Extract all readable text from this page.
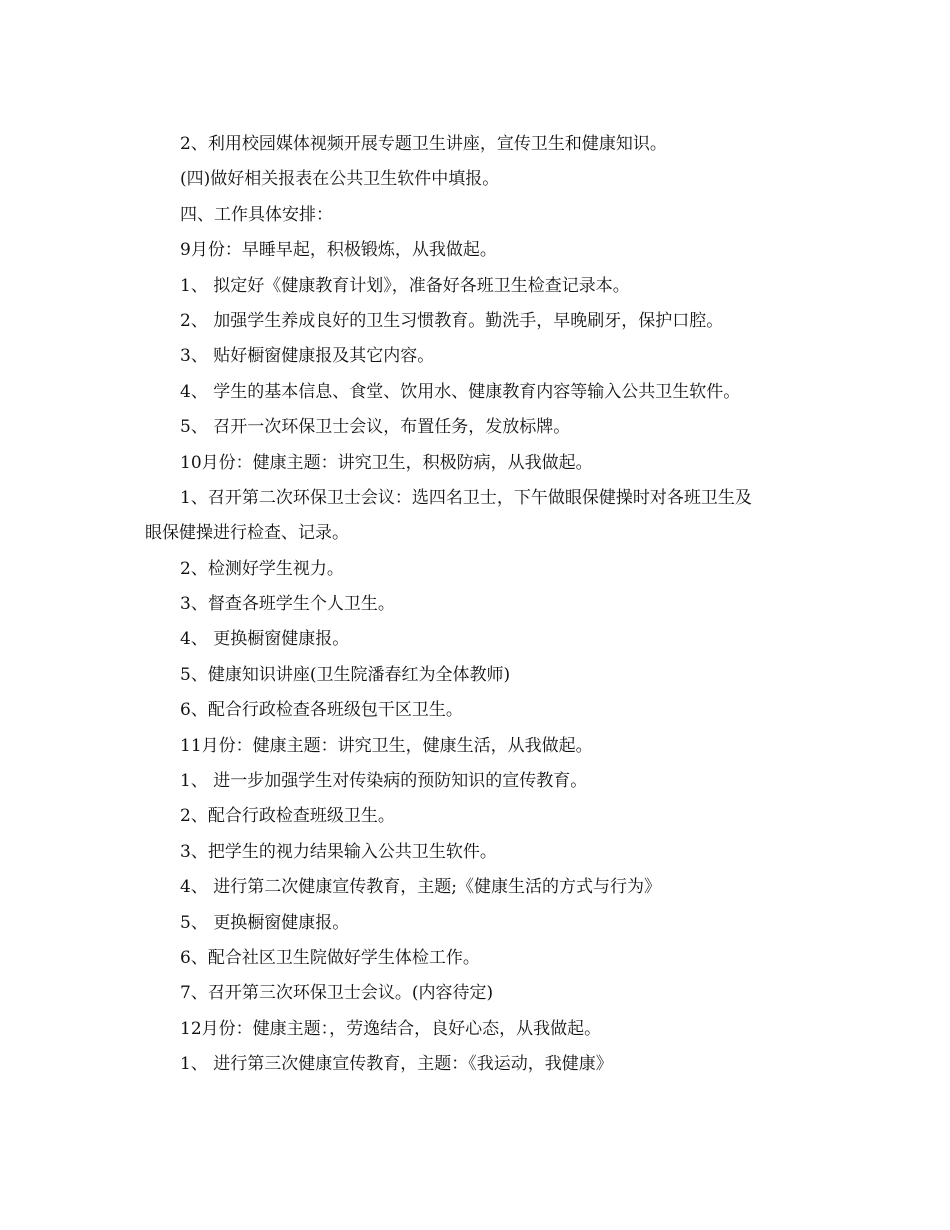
2、利用校园媒体视频开展专题卫生讲座，宣传卫生和健康知识。
(四)做好相关报表在公共卫生软件中填报。
四、工作具体安排：
9月份：早睡早起，积极锻炼，从我做起。
1、 拟定好《健康教育计划》，准备好各班卫生检查记录本。
2、 加强学生养成良好的卫生习惯教育。勤洗手，早晚刷牙，保护口腔。
3、 贴好橱窗健康报及其它内容。
4、 学生的基本信息、食堂、饮用水、健康教育内容等输入公共卫生软件。
5、 召开一次环保卫士会议，布置任务，发放标牌。
10月份：健康主题：讲究卫生，积极防病，从我做起。
1、召开第二次环保卫士会议：选四名卫士，下午做眼保健操时对各班卫生及
眼保健操进行检查、记录。
2、检测好学生视力。
3、督查各班学生个人卫生。
4、 更换橱窗健康报。
5、健康知识讲座(卫生院潘春红为全体教师)
6、配合行政检查各班级包干区卫生。
11月份：健康主题：讲究卫生，健康生活，从我做起。
1、 进一步加强学生对传染病的预防知识的宣传教育。
2、配合行政检查班级卫生。
3、把学生的视力结果输入公共卫生软件。
4、 进行第二次健康宣传教育，主题;《健康生活的方式与行为》
5、 更换橱窗健康报。
6、配合社区卫生院做好学生体检工作。
7、召开第三次环保卫士会议。(内容待定)
12月份：健康主题：，劳逸结合，良好心态，从我做起。
1、 进行第三次健康宣传教育，主题：《我运动，我健康》
